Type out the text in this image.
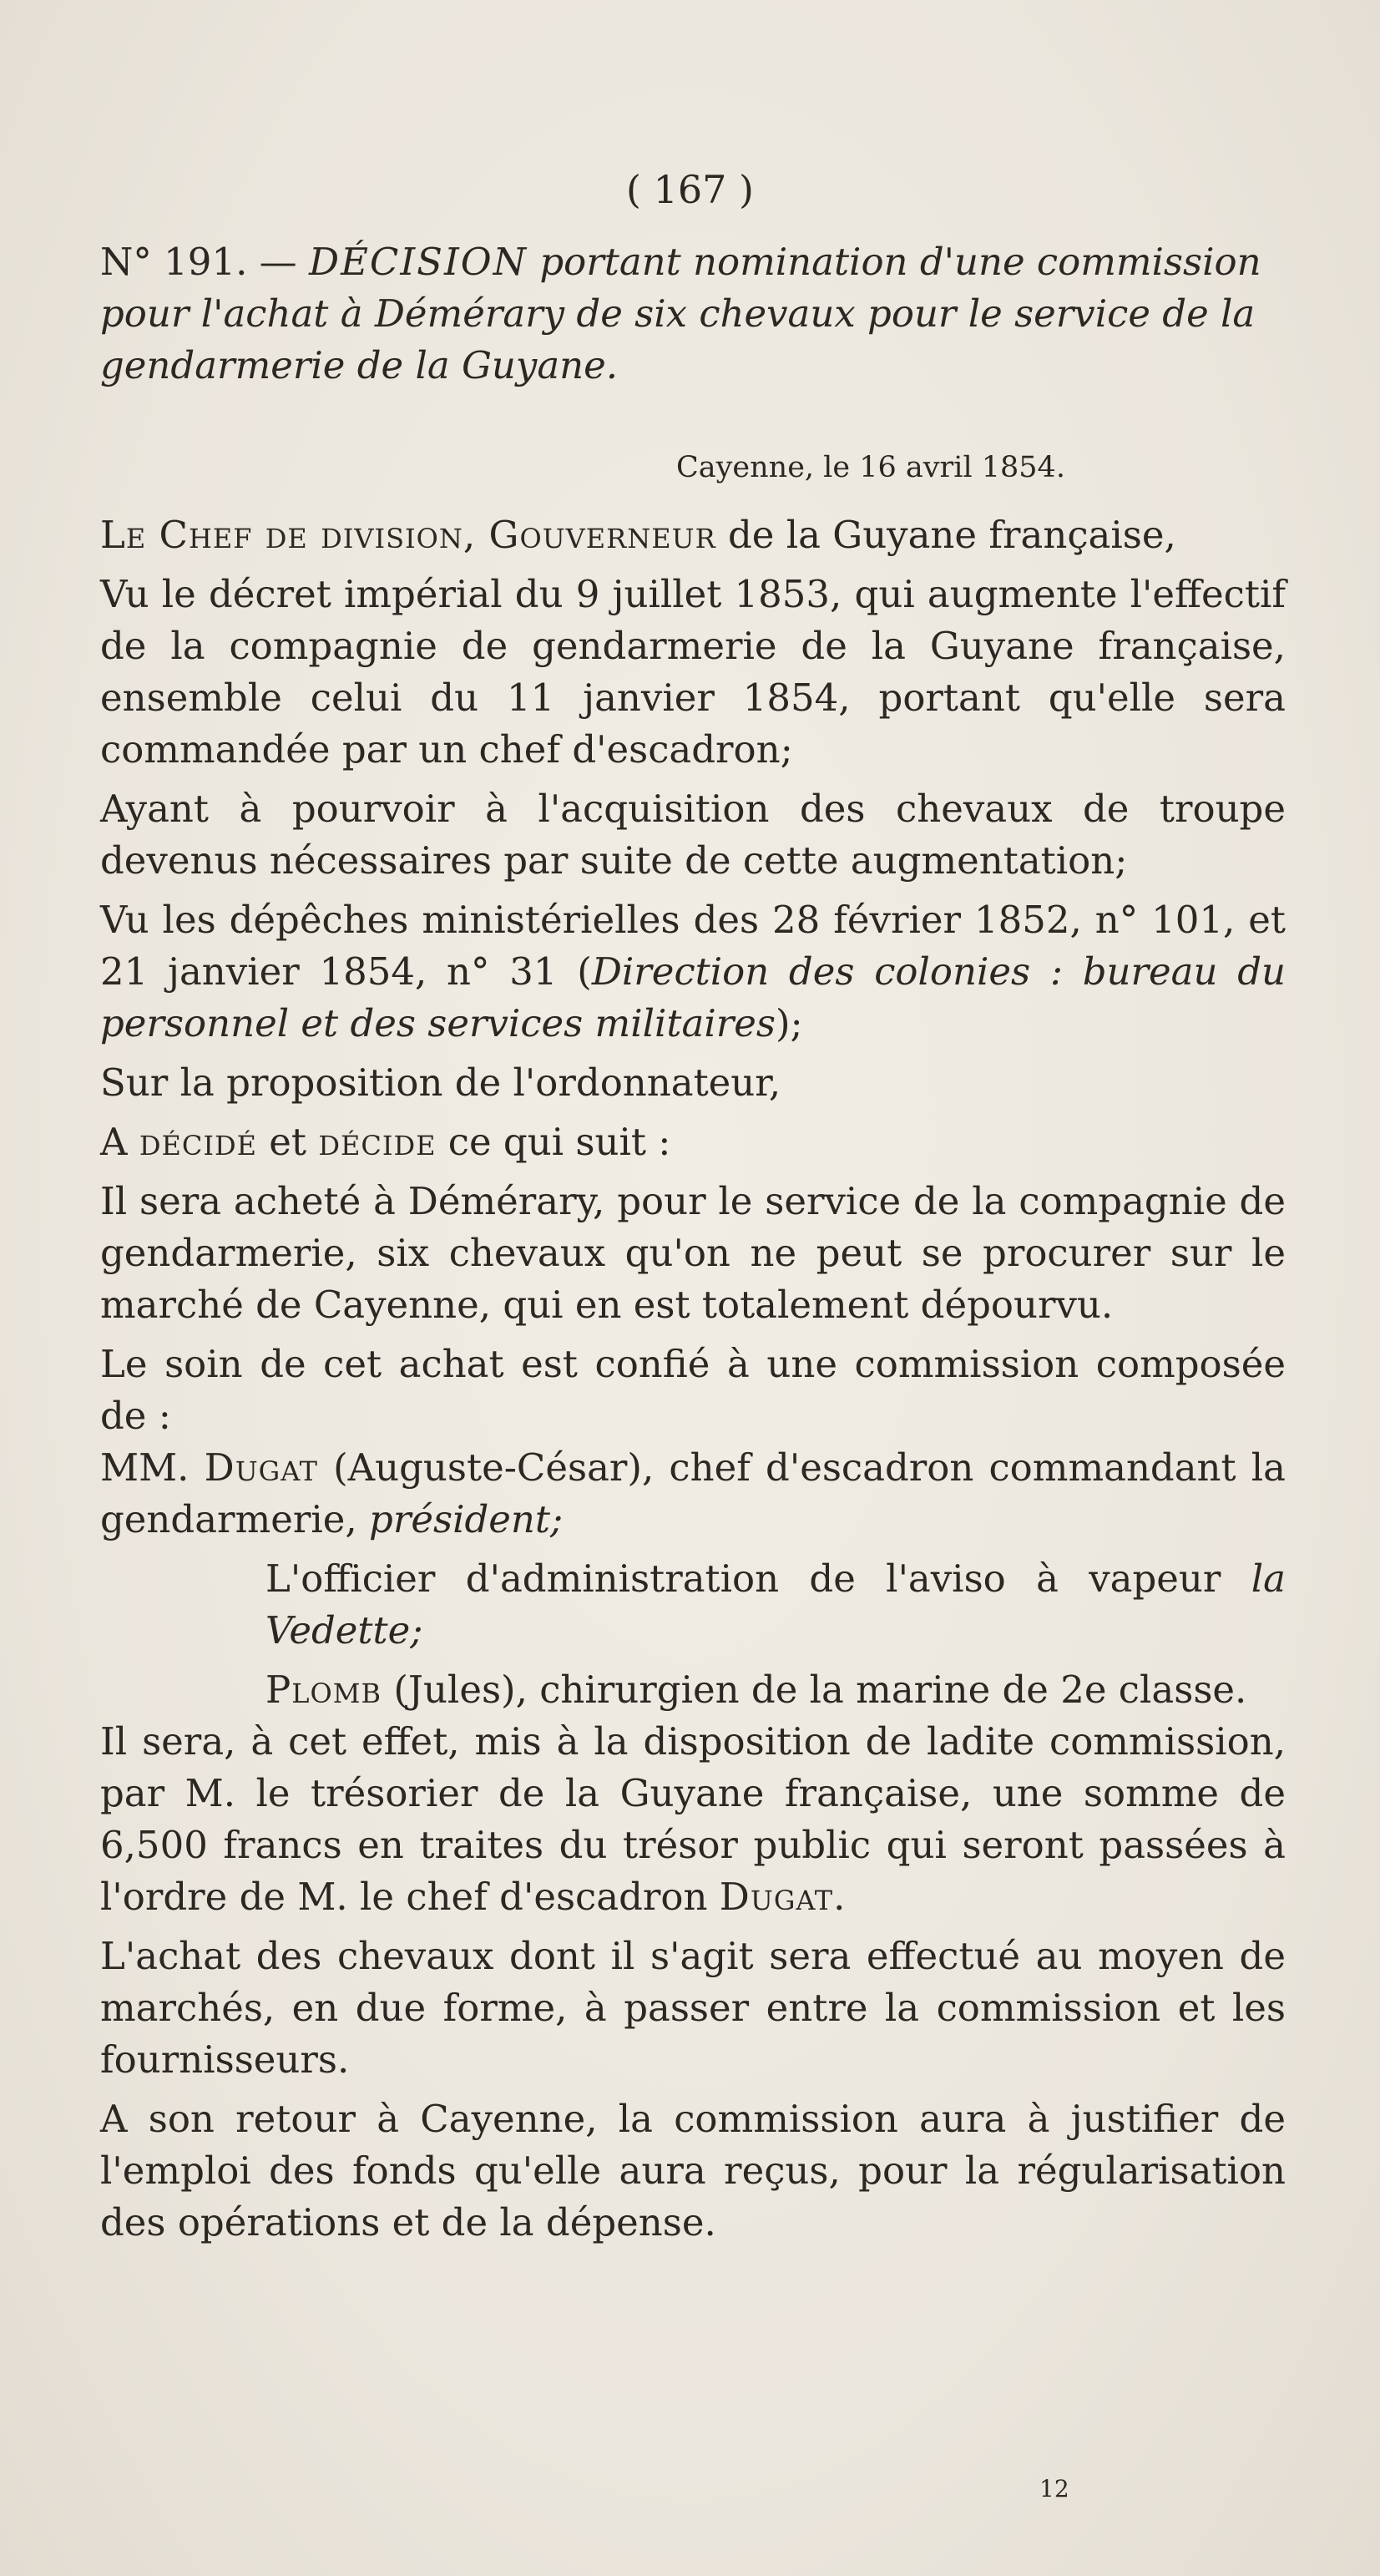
( 167 )
N° 191. — DÉCISION portant nomination d'une commission pour l'achat à Démérary de six chevaux pour le service de la gendarmerie de la Guyane.
Cayenne, le 16 avril 1854.

Le Chef de division, Gouverneur de la Guyane française,

Vu le décret impérial du 9 juillet 1853, qui augmente l'effectif de la compagnie de gendarmerie de la Guyane française, ensemble celui du 11 janvier 1854, portant qu'elle sera commandée par un chef d'escadron;

Ayant à pourvoir à l'acquisition des chevaux de troupe devenus nécessaires par suite de cette augmentation;

Vu les dépêches ministérielles des 28 février 1852, n° 101, et 21 janvier 1854, n° 31 (Direction des colonies : bureau du personnel et des services militaires);

Sur la proposition de l'ordonnateur,

A décidé et décide ce qui suit :

Il sera acheté à Démérary, pour le service de la compagnie de gendarmerie, six chevaux qu'on ne peut se procurer sur le marché de Cayenne, qui en est totalement dépourvu.

Le soin de cet achat est confié à une commission composée de :

MM. Dugat (Auguste-César), chef d'escadron commandant la gendarmerie, président;

L'officier d'administration de l'aviso à vapeur la Vedette;

Plomb (Jules), chirurgien de la marine de 2e classe.

Il sera, à cet effet, mis à la disposition de ladite commission, par M. le trésorier de la Guyane française, une somme de 6,500 francs en traites du trésor public qui seront passées à l'ordre de M. le chef d'escadron Dugat.

L'achat des chevaux dont il s'agit sera effectué au moyen de marchés, en due forme, à passer entre la commission et les fournisseurs.

A son retour à Cayenne, la commission aura à justifier de l'emploi des fonds qu'elle aura reçus, pour la régularisation des opérations et de la dépense.

12
